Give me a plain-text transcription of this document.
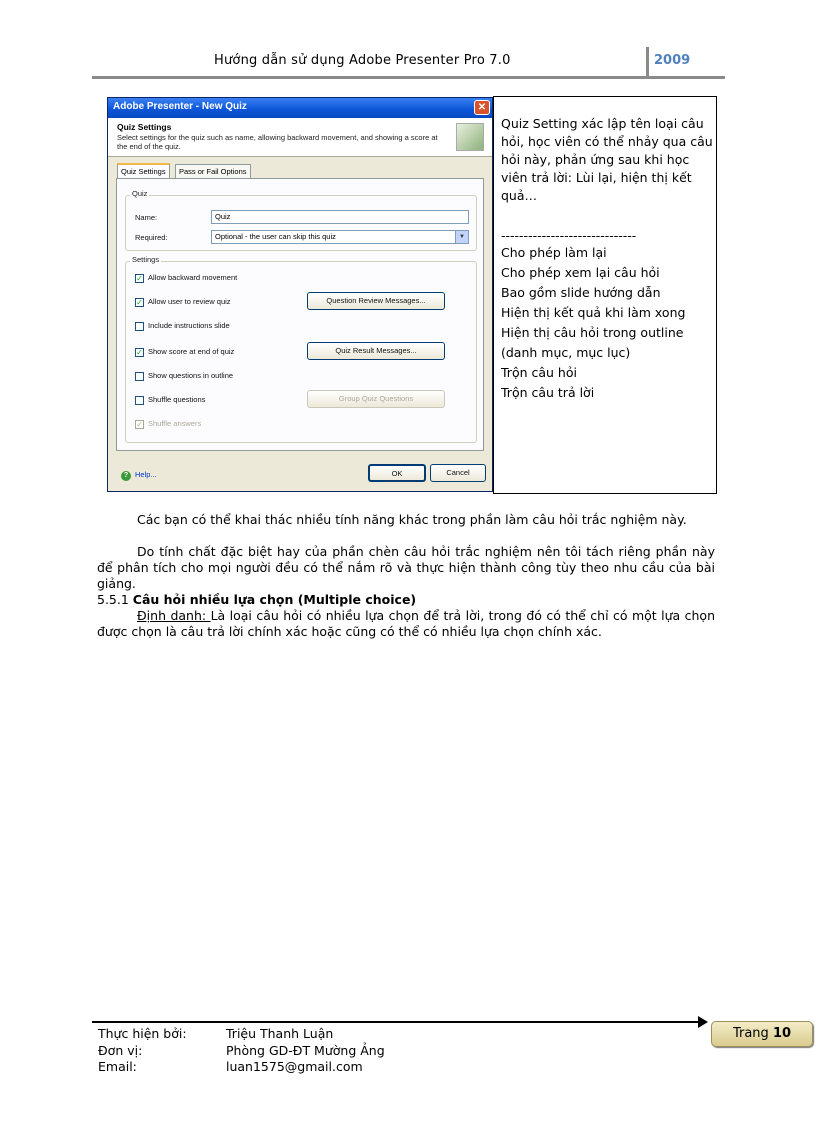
Hướng dẫn sử dụng Adobe Presenter Pro 7.0	2009
Adobe Presenter - New Quiz	✕
Quiz Settings
Select settings for the quiz such as name, allowing backward movement, and showing a score at the end of the quiz.
Quiz Settings	Pass or Fail Options
Quiz
Name:	Quiz
Required:	Optional - the user can skip this quiz	▼
Settings
✓ Allow backward movement
✓ Allow user to review quiz	Question Review Messages...
Include instructions slide
✓ Show score at end of quiz	Quiz Result Messages...
Show questions in outline
Shuffle questions	Group Quiz Questions
✓ Shuffle answers
? Help...	OK	Cancel
Quiz Setting xác lập tên loại câu hỏi, học viên có thể nhảy qua câu hỏi này, phản ứng sau khi học viên trả lời: Lùi lại, hiện thị kết quả…
------------------------------
Cho phép làm lại
Cho phép xem lại câu hỏi
Bao gồm slide hướng dẫn
Hiện thị kết quả khi làm xong
Hiện thị câu hỏi trong outline
(danh mục, mục lục)
Trộn câu hỏi
Trộn câu trả lời
Các bạn có thể khai thác nhiều tính năng khác trong phần làm câu hỏi trắc nghiệm này.
Do tính chất đặc biệt hay của phần chèn câu hỏi trắc nghiệm nên tôi tách riêng phần này để phân tích cho mọi người đều có thể nắm rõ và thực hiện thành công tùy theo nhu cầu của bài giảng.
5.5.1 Câu hỏi nhiều lựa chọn (Multiple choice)
Định danh: Là loại câu hỏi có nhiều lựa chọn để trả lời, trong đó có thể chỉ có một lựa chọn được chọn là câu trả lời chính xác hoặc cũng có thể có nhiều lựa chọn chính xác.
Trang 10
Thực hiện bởi:	Triệu Thanh Luận
Đơn vị:	Phòng GD-ĐT Mường Ảng
Email:	luan1575@gmail.com
